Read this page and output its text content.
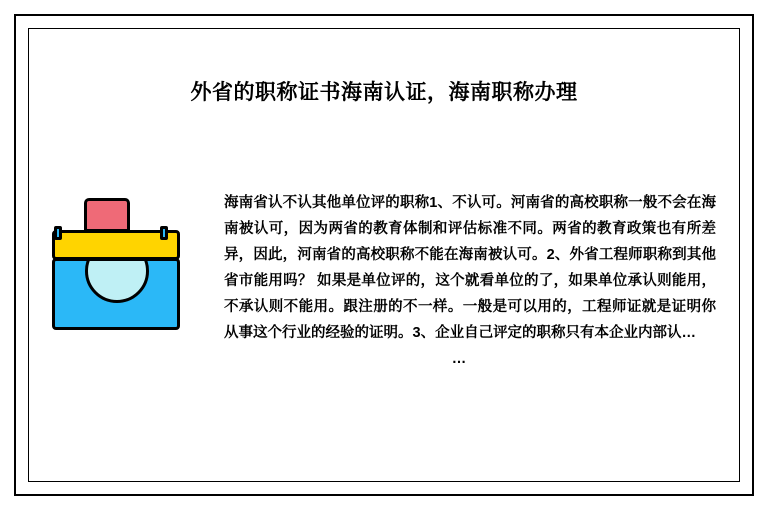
外省的职称证书海南认证，海南职称办理
海南省认不认其他单位评的职称1、不认可。河南省的高校职称一般不会在海南被认可，因为两省的教育体制和评估标准不同。两省的教育政策也有所差异，因此，河南省的高校职称不能在海南被认可。2、外省工程师职称到其他省市能用吗？ 如果是单位评的，这个就看单位的了，如果单位承认则能用，不承认则不能用。跟注册的不一样。一般是可以用的，工程师证就是证明你从事这个行业的经验的证明。3、企业自己评定的职称只有本企业内部认…
…
